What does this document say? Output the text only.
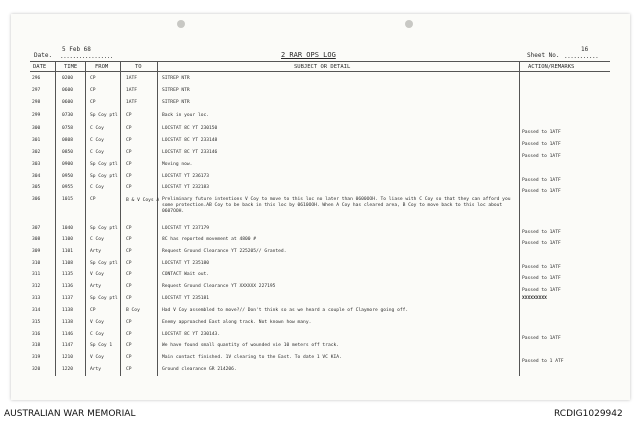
Date.
5 Feb 68
.................	2 RAR OPS LOG	Sheet No.
16
...........
DATE	TIME	FROM	TO	SUBJECT OR DETAIL	ACTION/REMARKS
296	0200	CP	1ATF	SITREP NTR
297	0600	CP	1ATF	SITREP NTR
298	0600	CP	1ATF	SITREP NTR
299	0730	Sp Coy ptl	CP	Back in your loc.
300	0758	C Coy	CP	LOCSTAT 8C YT 230150
Passed to 1ATF
301	0808	C Coy	CP	LOCSTAT 8C YT 233148
Passed to 1ATF
302	0850	C Coy	CP	LOCSTAT 8C YT 233146
Passed to 1ATF
303	0900	Sp Coy ptl	CP	Moving now.
304	0950	Sp Coy ptl	CP	LOCSTAT YT 236173
Passed to 1ATF
305	0955	C Coy	CP	LOCSTAT YT 232183
Passed to 1ATF
306	1015	CP	B & V Coys A Preliminary future intentions V Coy to move to this loc no later than 0600OOH. To liase with C Coy so that they can afford you some protection.AB Coy to be back in this loc by 0610OOH. When A Coy has cleared area, B Coy to move back to this loc about 0607OOH.
307	1040	Sp Coy ptl	CP	LOCSTAT YT 237179
Passed to 1ATF
308	1100	C Coy	CP	8C has reported movement at 4800 #
Passed to 1ATF
309	1101	Arty	CP	Request Ground Clearance YT 225205// Granted.
310	1108	Sp Coy ptl	CP	LOCSTAT YT 235180
Passed to 1ATF
311	1135	V Coy	CP	CONTACT Wait out.
Passed to 1ATF
312	1136	Arty	CP	Request Ground Clearance YT XXXXXX 227195
Passed to 1ATF
313	1137	Sp Coy ptl	CP	LOCSTAT YT 235181	XXXXXXXXX
314	1138	CP	B Coy	Had V Coy assembled to move?// Don't think so as we heard a couple of Claymore going off.
315	1138	V Coy	CP	Enemy approached East along track. Not known how many.
316	1146	C Coy	CP	LOCSTAT 8C YT 230143.
Passed to 1ATF
318	1147	Sp Coy 1	CP	We have found small quantity of wounded vie 10 meters off track.
319	1210	V Coy	CP	Main contact finished. 1V clearing to the East. To date 1 VC KIA.
Passed to 1 ATF
320	1220	Arty	CP	Ground clearance GR 214206.
AUSTRALIAN WAR MEMORIAL	RCDIG1029942
